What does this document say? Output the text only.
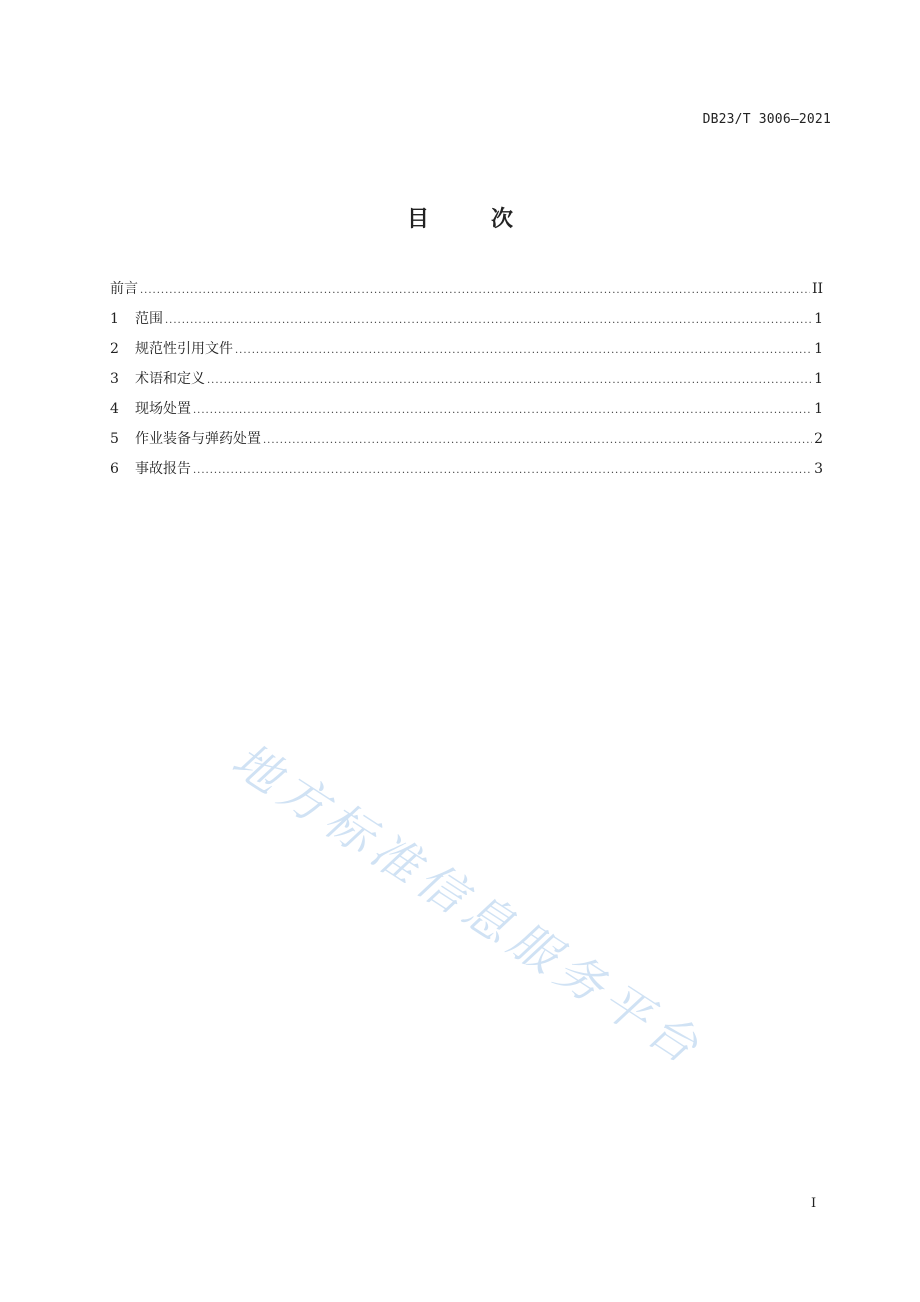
DB23/T 3006—2021
目	次
前言 .....	II
1	范围 .....	1
2	规范性引用文件 .....	1
3	术语和定义 .....	1
4	现场处置 .....	1
5	作业装备与弹药处置 .....	2
6	事故报告 .....	3
地方标准信息服务平台
I
